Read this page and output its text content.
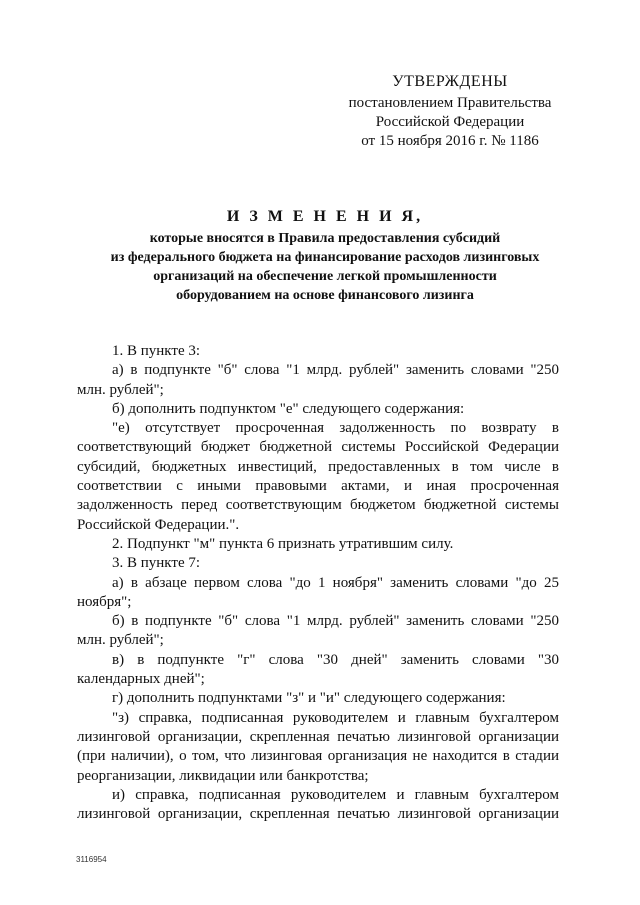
УТВЕРЖДЕНЫ
постановлением Правительства
Российской Федерации
от 15 ноября 2016 г. № 1186
И З М Е Н Е Н И Я,
которые вносятся в Правила предоставления субсидий
из федерального бюджета на финансирование расходов лизинговых
организаций на обеспечение легкой промышленности
оборудованием на основе финансового лизинга

1. В пункте 3:

а) в подпункте "б" слова "1 млрд. рублей" заменить словами "250 млн. рублей";

б) дополнить подпунктом "е" следующего содержания:

"е) отсутствует просроченная задолженность по возврату в соответствующий бюджет бюджетной системы Российской Федерации субсидий, бюджетных инвестиций, предоставленных в том числе в соответствии с иными правовыми актами, и иная просроченная задолженность перед соответствующим бюджетом бюджетной системы Российской Федерации.".

2. Подпункт "м" пункта 6 признать утратившим силу.

3. В пункте 7:

а) в абзаце первом слова "до 1 ноября" заменить словами "до 25 ноября";

б) в подпункте "б" слова "1 млрд. рублей" заменить словами "250 млн. рублей";

в) в подпункте "г" слова "30 дней" заменить словами "30 календарных дней";

г) дополнить подпунктами "з" и "и" следующего содержания:

"з) справка, подписанная руководителем и главным бухгалтером лизинговой организации, скрепленная печатью лизинговой организации (при наличии), о том, что лизинговая организация не находится в стадии реорганизации, ликвидации или банкротства;

и) справка, подписанная руководителем и главным бухгалтером лизинговой организации, скрепленная печатью лизинговой организации

3116954
